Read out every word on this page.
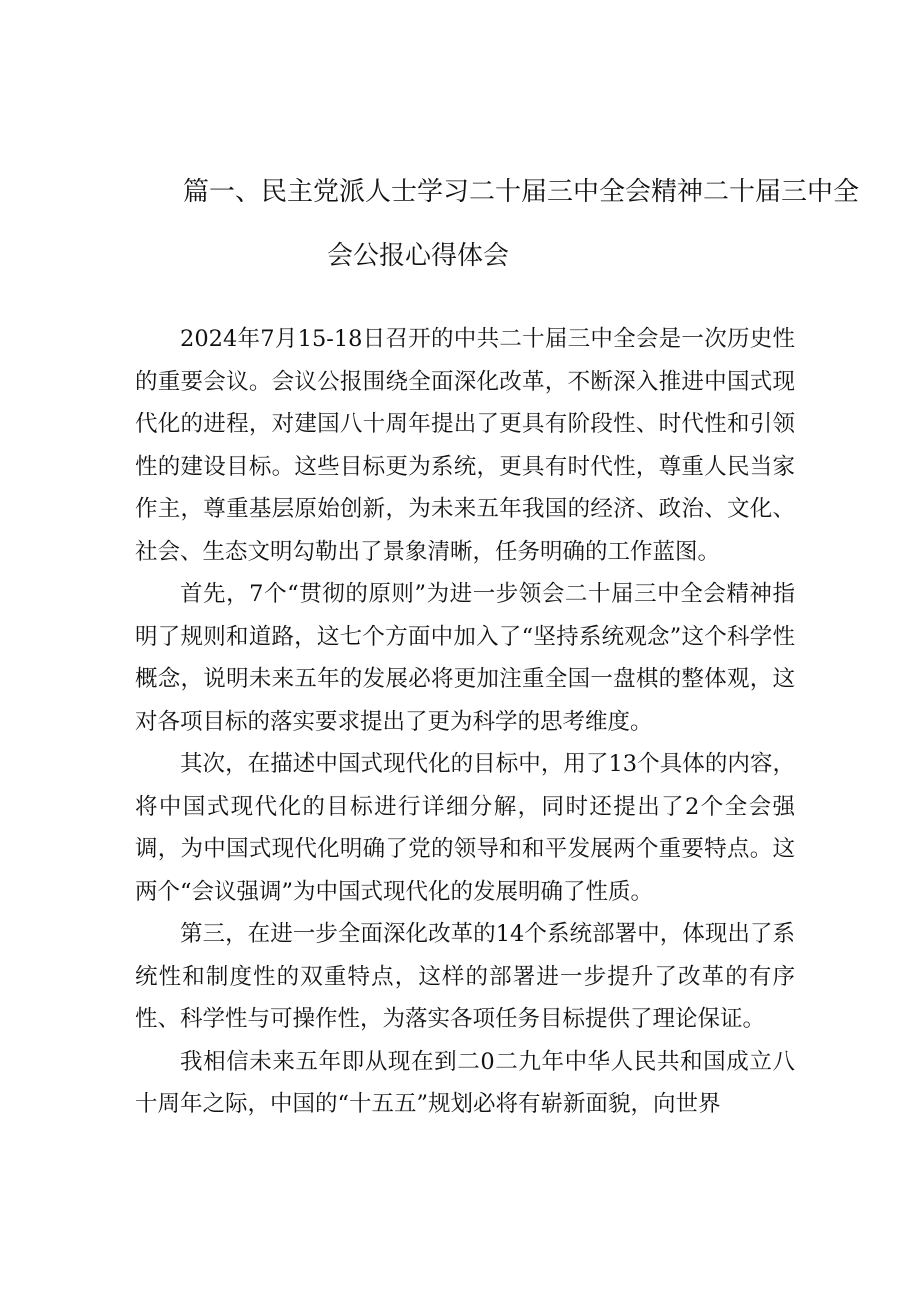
篇一、民主党派人士学习二十届三中全会精神二十届三中全
会公报心得体会

2024年7月15-18日召开的中共二十届三中全会是一次历史性的重要会议。会议公报围绕全面深化改革，不断深入推进中国式现代化的进程，对建国八十周年提出了更具有阶段性、时代性和引领性的建设目标。这些目标更为系统，更具有时代性，尊重人民当家作主，尊重基层原始创新，为未来五年我国的经济、政治、文化、社会、生态文明勾勒出了景象清晰，任务明确的工作蓝图。

首先，7个“贯彻的原则”为进一步领会二十届三中全会精神指明了规则和道路，这七个方面中加入了“坚持系统观念”这个科学性概念，说明未来五年的发展必将更加注重全国一盘棋的整体观，这对各项目标的落实要求提出了更为科学的思考维度。

其次，在描述中国式现代化的目标中，用了13个具体的内容，将中国式现代化的目标进行详细分解，同时还提出了2个全会强调，为中国式现代化明确了党的领导和和平发展两个重要特点。这两个“会议强调”为中国式现代化的发展明确了性质。

第三，在进一步全面深化改革的14个系统部署中，体现出了系统性和制度性的双重特点，这样的部署进一步提升了改革的有序性、科学性与可操作性，为落实各项任务目标提供了理论保证。

我相信未来五年即从现在到二0二九年中华人民共和国成立八十周年之际，中国的“十五五”规划必将有崭新面貌，向世界
